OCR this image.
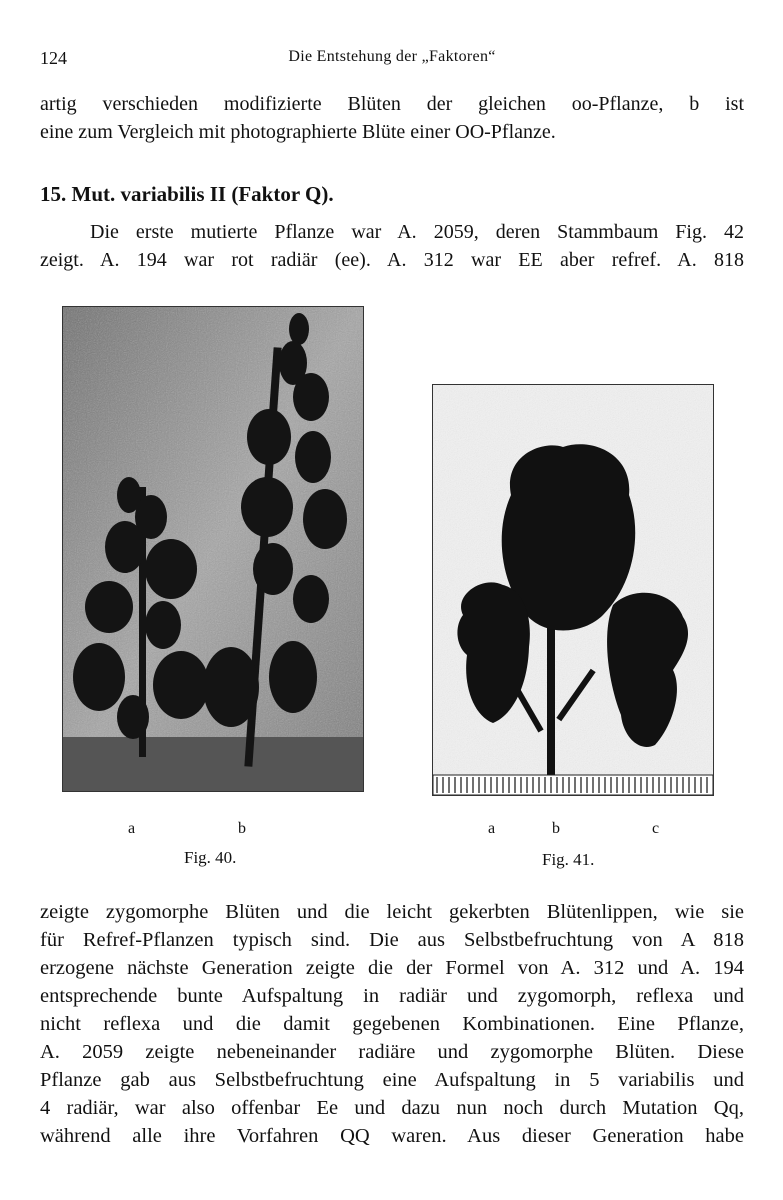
124	Die Entstehung der „Faktoren“
artig verschieden modifizierte Blüten der gleichen oo-Pflanze, b ist
eine zum Vergleich mit photographierte Blüte einer OO-Pflanze.
15. Mut. variabilis II (Faktor Q).
Die erste mutierte Pflanze war A. 2059, deren Stammbaum Fig. 42
zeigt. A. 194 war rot radiär (ee). A. 312 war EE aber refref. A. 818
a	b
Fig. 40.
a	b	c
Fig. 41.
zeigte zygomorphe Blüten und die leicht gekerbten Blütenlippen, wie sie
für Refref-Pflanzen typisch sind. Die aus Selbstbefruchtung von A 818
erzogene nächste Generation zeigte die der Formel von A. 312 und A. 194
entsprechende bunte Aufspaltung in radiär und zygomorph, reflexa und
nicht reflexa und die damit gegebenen Kombinationen. Eine Pflanze,
A. 2059 zeigte nebeneinander radiäre und zygomorphe Blüten. Diese
Pflanze gab aus Selbstbefruchtung eine Aufspaltung in 5 variabilis und
4 radiär, war also offenbar Ee und dazu nun noch durch Mutation Qq,
während alle ihre Vorfahren QQ waren. Aus dieser Generation habe
